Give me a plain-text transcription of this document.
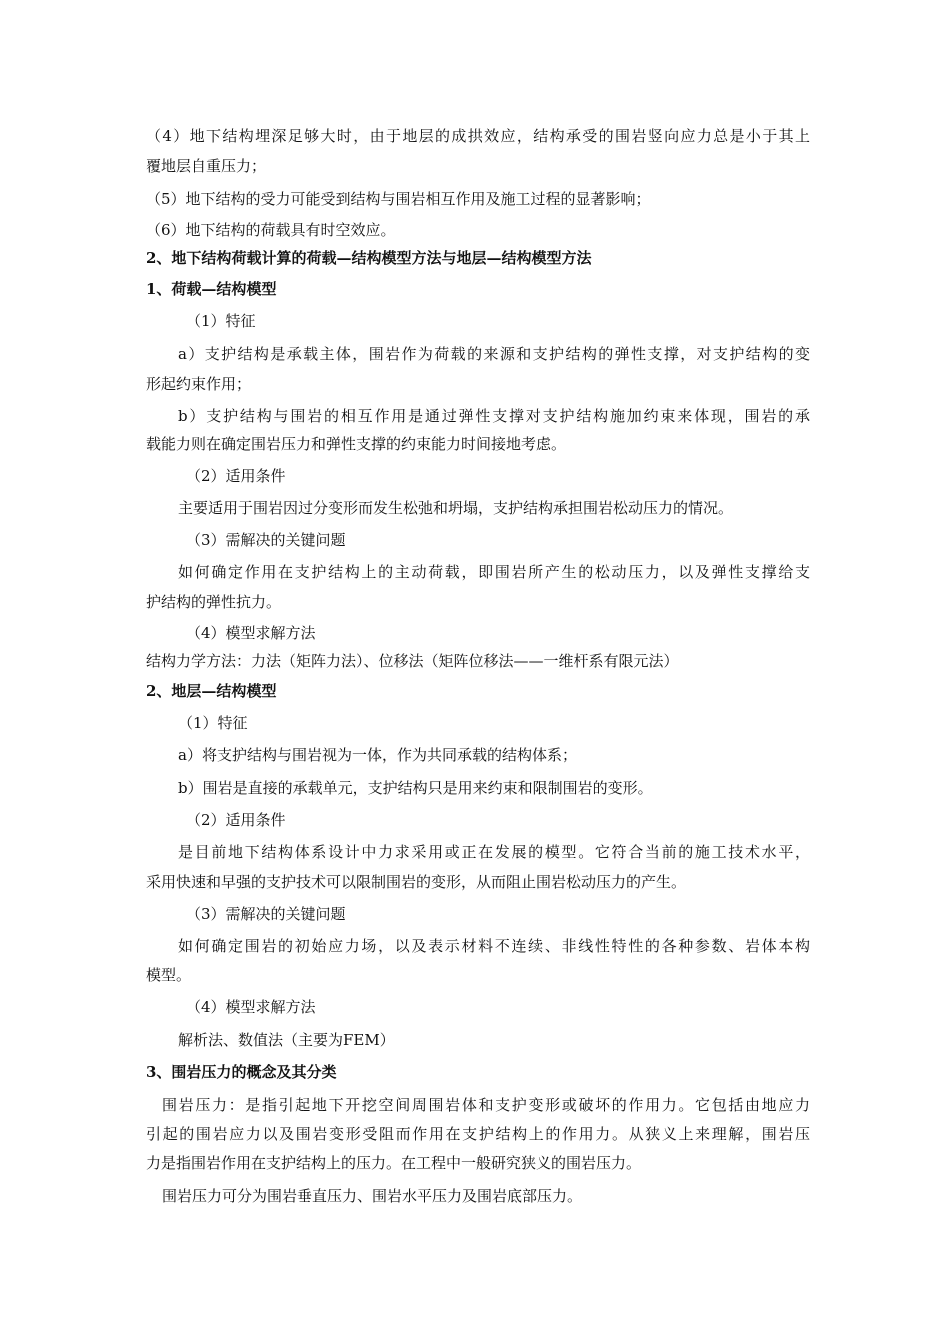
（4）地下结构埋深足够大时，由于地层的成拱效应，结构承受的围岩竖向应力总是小于其上
覆地层自重压力；
（5）地下结构的受力可能受到结构与围岩相互作用及施工过程的显著影响；
（6）地下结构的荷载具有时空效应。
2、地下结构荷载计算的荷载—结构模型方法与地层—结构模型方法
1、荷载—结构模型
（1）特征
a）支护结构是承载主体，围岩作为荷载的来源和支护结构的弹性支撑，对支护结构的变
形起约束作用；
b）支护结构与围岩的相互作用是通过弹性支撑对支护结构施加约束来体现，围岩的承
载能力则在确定围岩压力和弹性支撑的约束能力时间接地考虑。
（2）适用条件
主要适用于围岩因过分变形而发生松弛和坍塌，支护结构承担围岩松动压力的情况。
（3）需解决的关键问题
如何确定作用在支护结构上的主动荷载，即围岩所产生的松动压力，以及弹性支撑给支
护结构的弹性抗力。
（4）模型求解方法
结构力学方法：力法（矩阵力法）、位移法（矩阵位移法——一维杆系有限元法）
2、地层—结构模型
（1）特征
a）将支护结构与围岩视为一体，作为共同承载的结构体系；
b）围岩是直接的承载单元，支护结构只是用来约束和限制围岩的变形。
（2）适用条件
是目前地下结构体系设计中力求采用或正在发展的模型。它符合当前的施工技术水平，
采用快速和早强的支护技术可以限制围岩的变形，从而阻止围岩松动压力的产生。
（3）需解决的关键问题
如何确定围岩的初始应力场，以及表示材料不连续、非线性特性的各种参数、岩体本构
模型。
（4）模型求解方法
解析法、数值法（主要为FEM）
3、围岩压力的概念及其分类
围岩压力：是指引起地下开挖空间周围岩体和支护变形或破坏的作用力。它包括由地应力
引起的围岩应力以及围岩变形受阻而作用在支护结构上的作用力。从狭义上来理解，围岩压
力是指围岩作用在支护结构上的压力。在工程中一般研究狭义的围岩压力。
围岩压力可分为围岩垂直压力、围岩水平压力及围岩底部压力。
